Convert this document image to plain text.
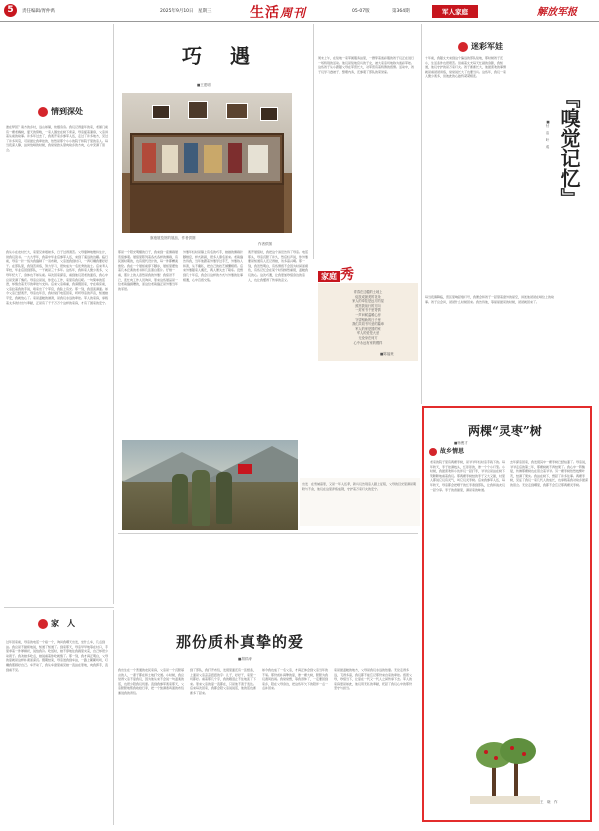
5	责任编辑/胥仲禹	2025年9月10日　星期三	生活周刊	05-07版	第364期	军人家庭	解放军报
情到深处
谁在梦回？南方的乡村，远山如黛，炊烟袅袅。我们记得童年的家，老屋门前有一棵老槐树，夏天的傍晚，一家人围坐在树下乘凉，母亲摇着蒲扇，父亲讲着从前的故事。许多年过去了，我离开家乡参军入伍，走过了许多地方，见过了许多风景，可是最让我牵挂的，依然是那个小小的院子和院子里的亲人。每当夜深人静，站岗放哨的时候，我常常抬头望向故乡的方向，心中充满了思念。
我从小在农村长大，家里兄弟姐妹多，日子过得清苦。父母靠种地维持生计，供我们读书。一九九零年，我高中毕业后参军入伍，来到了遥远的边疆。临行前，母亲一针一线为我缝制了一双布鞋，父亲送我到村口，一再叮嘱我要好好干。在部队里，我刻苦训练，努力学习，很快成为一名优秀的战士。后来考入军校，毕业后回到部队，一干就是三十多年。这些年，我和家人聚少离多，父母年纪大了，身体也不如从前。每次回家探亲，看到他们苍老的面容，我心中总是充满了愧疚。母亲总是说，你安心工作，家里有我们呢。一句简单的话语，却饱含着无尽的牵挂与支持。后来父亲病重，我请假回家，守在病床前，父亲拉着我的手说，咱家出了个军官，我脸上有光。那一刻，我泪流满面。如今父亲已经离开，母亲也年迈，我时常打电话回家，听听母亲的声音，知道她平安，我就放心了。家是温暖的港湾，是我们永远的牵挂。军人的家庭，承载着太多的付出与奉献，正是有了千千万万个这样的家庭，才有了国家的安宁。
巧　遇
■王建明
旗袍展览馆的展品，作者供图
作者供图
那是一个阳光明媚的日子，我来到一座旗袍展览馆参观。展馆里陈列着各式各样的旗袍，有民国时期的，也有现代设计的，每一件都精美绝伦。我在一个展柜前停下脚步，展柜里摆放着几本泛黄的老书和几张黑白照片。仔细一看，照片上的人竟然是我的外婆！我惊讶不已，连忙向工作人员询问，原来这些展品是一位老裁缝捐赠的，而这位老裁缝正是外婆当年的邻居。
外婆年轻时是镇上有名的巧手，她做的旗袍针脚细密，样式新颖，很多人慕名而来。老裁缝告诉我，当年他跟着外婆学过手艺，外婆待人和善，从不藏私，把自己的技艺倾囊相授。后来外婆随家人搬迁，两人便失去了联系。没想到几十年后，我会以这样的方式与外婆的往事相遇，心中百感交集。
离开展馆时，我把这个消息告诉了母亲。电话那头，母亲沉默了许久，然后轻声说，你外婆要是知道有人还记得她，该多高兴啊。那一刻，我忽然明白，有些情感不会因为时间而褪色，有些记忆会在某个时刻悄然重现，温暖我们的心。这次巧遇，让我更加珍惜身边的亲人，也让我懂得了传承的意义。	家庭 秀
青春在边疆的土地上
绽放成最美的花朵
家人的牵挂是远方的星
照亮我前行的方向
一封家书千里寄情
一声问候温暖心房
守望相助的日子里
我们共同书写爱的篇章
军人的家是国的家
军人的爱是大爱
无论身在何方
心中永远有家的模样
■陈福贵
出发　在雪域高原，又是一年入伍季，新兵们告别亲人踏上征程，父母的目光里满是期盼与不舍，他们在这里淬炼成钢，守护着万家灯火的安宁。
家　人
过年回家前，母亲的电话一个接一个，询问我哪天出发，坐什么车，几点到站。我总是不耐烦地说，知道了知道了。到家那天，母亲早早地等在村口，手里拿着一件厚棉袄，说怕我冷。吃饭时，她不停地往我碗里夹菜，自己却很少动筷子。我劝她多吃点，她说看着你吃就饱了。那一刻，我才真正明白，父母的爱就是这样朴素而深沉。假期结束，母亲送我到车站，一路上絮絮叨叨，叮嘱我照顾好自己。车开动了，我从车窗里看见她一直站在原地，向我挥手，直到看不见。
那份质朴真挚的爱
■胡祥涛
我出生在一个普通的农民家庭，父亲是一个沉默寡言的人，一辈子都在和土地打交道。小时候，我总觉得父亲不爱我们，因为他从来不会说一句温柔的话，也很少陪我们玩耍。直到我参军离家那天，父亲默默地帮我收拾行李，把一个装满煮鸡蛋的布包塞进我的背包。
到了部队，我打开布包，发现里面还有一张纸条，上面是父亲歪歪扭扭的字：儿子，好好干，家里一切都好。看着那几个字，我的眼泪止不住地流了下来。原来父亲的爱一直都在，只是他不善于表达。后来每次回家，我都会陪父亲说说话，他的话也渐渐多了起来。
如今我也成了一名父亲，才真正体会到父亲当年的不易。那份质朴真挚的爱，像一棵大树，默默为我们遮风挡雨。我常常想，等我退休了，一定要回到家乡，陪在父母身边，把这些年欠下的陪伴一点一点补回来。
家是最温暖的地方，父母是我们永远的依靠。无论走得多远，飞得多高，我们都不能忘记那份来自家的牵挂。感恩父母，珍惜当下，让爱在一代又一代人之间传承下去。军人的家庭更是如此，他们用无私的奉献，托起了我们心中的那份坚守与担当。
迷彩军娃
周末上午，在驻地一家军属服务站里，一群穿着迷彩服的孩子们正在进行一场特别的活动。他们是驻地官兵的子女，被大家亲切地称为迷彩军娃。这些孩子从小跟随父母在军营长大，对军营有着特殊的感情。活动中，孩子们学习叠被子、整理内务，还参观了部队的荣誉室。
十年前，我随丈夫来到这个偏远的部队驻地，那时候孩子还小，生活条件也很艰苦。但看着丈夫每天忙碌的身影，我知道，他们守护的是万家灯火。孩子渐渐长大，他最喜欢的事情就是看爸爸训练，常常说长大了也要当兵。这些年，我们一家人聚少离多，但彼此的心始终紧紧相连。
每当夜幕降临，营区里响起熄灯号，我便会和孩子一起望着窗外的星空，讲述他爸爸在哨位上的故事。孩子总会问，爸爸什么时候回来。我告诉他，等星星最亮的时候，爸爸就回来了。
『嗅觉记忆』
■付　洁　叶　成
两棵“灵枣”树
故乡情思
■杨俊才
老家的院子里有两棵枣树，是爷爷年轻时亲手栽下的。每年秋天，枣子挂满枝头，红彤彤的，像一个个小灯笼。小时候，我最喜欢和小伙伴们一起打枣，爷爷总是站在树下笑眯眯地看着我们。那两棵枣树结的枣子又大又甜，村里人都说它们有灵气，叫它们灵枣树。后来我参军入伍，每年秋天，母亲都会把晒干的红枣寄到部队，让我和战友们一起分享。枣子的香甜里，满是家的味道。
去年探亲回家，我发现其中一棵枣树已经枯萎了。母亲说，爷爷走后的第二年，那棵树就不再结果了。我心中一阵酸楚，仿佛那棵树也在思念着爷爷。另一棵枣树依然枝繁叶茂，结满了果实。我站在树下，想起了许多往事。两棵枣树，见证了我们一家几代人的成长，也承载着我对故乡最深的思念。无论走到哪里，我都不会忘记那两棵灵枣树。
王　晓　作
